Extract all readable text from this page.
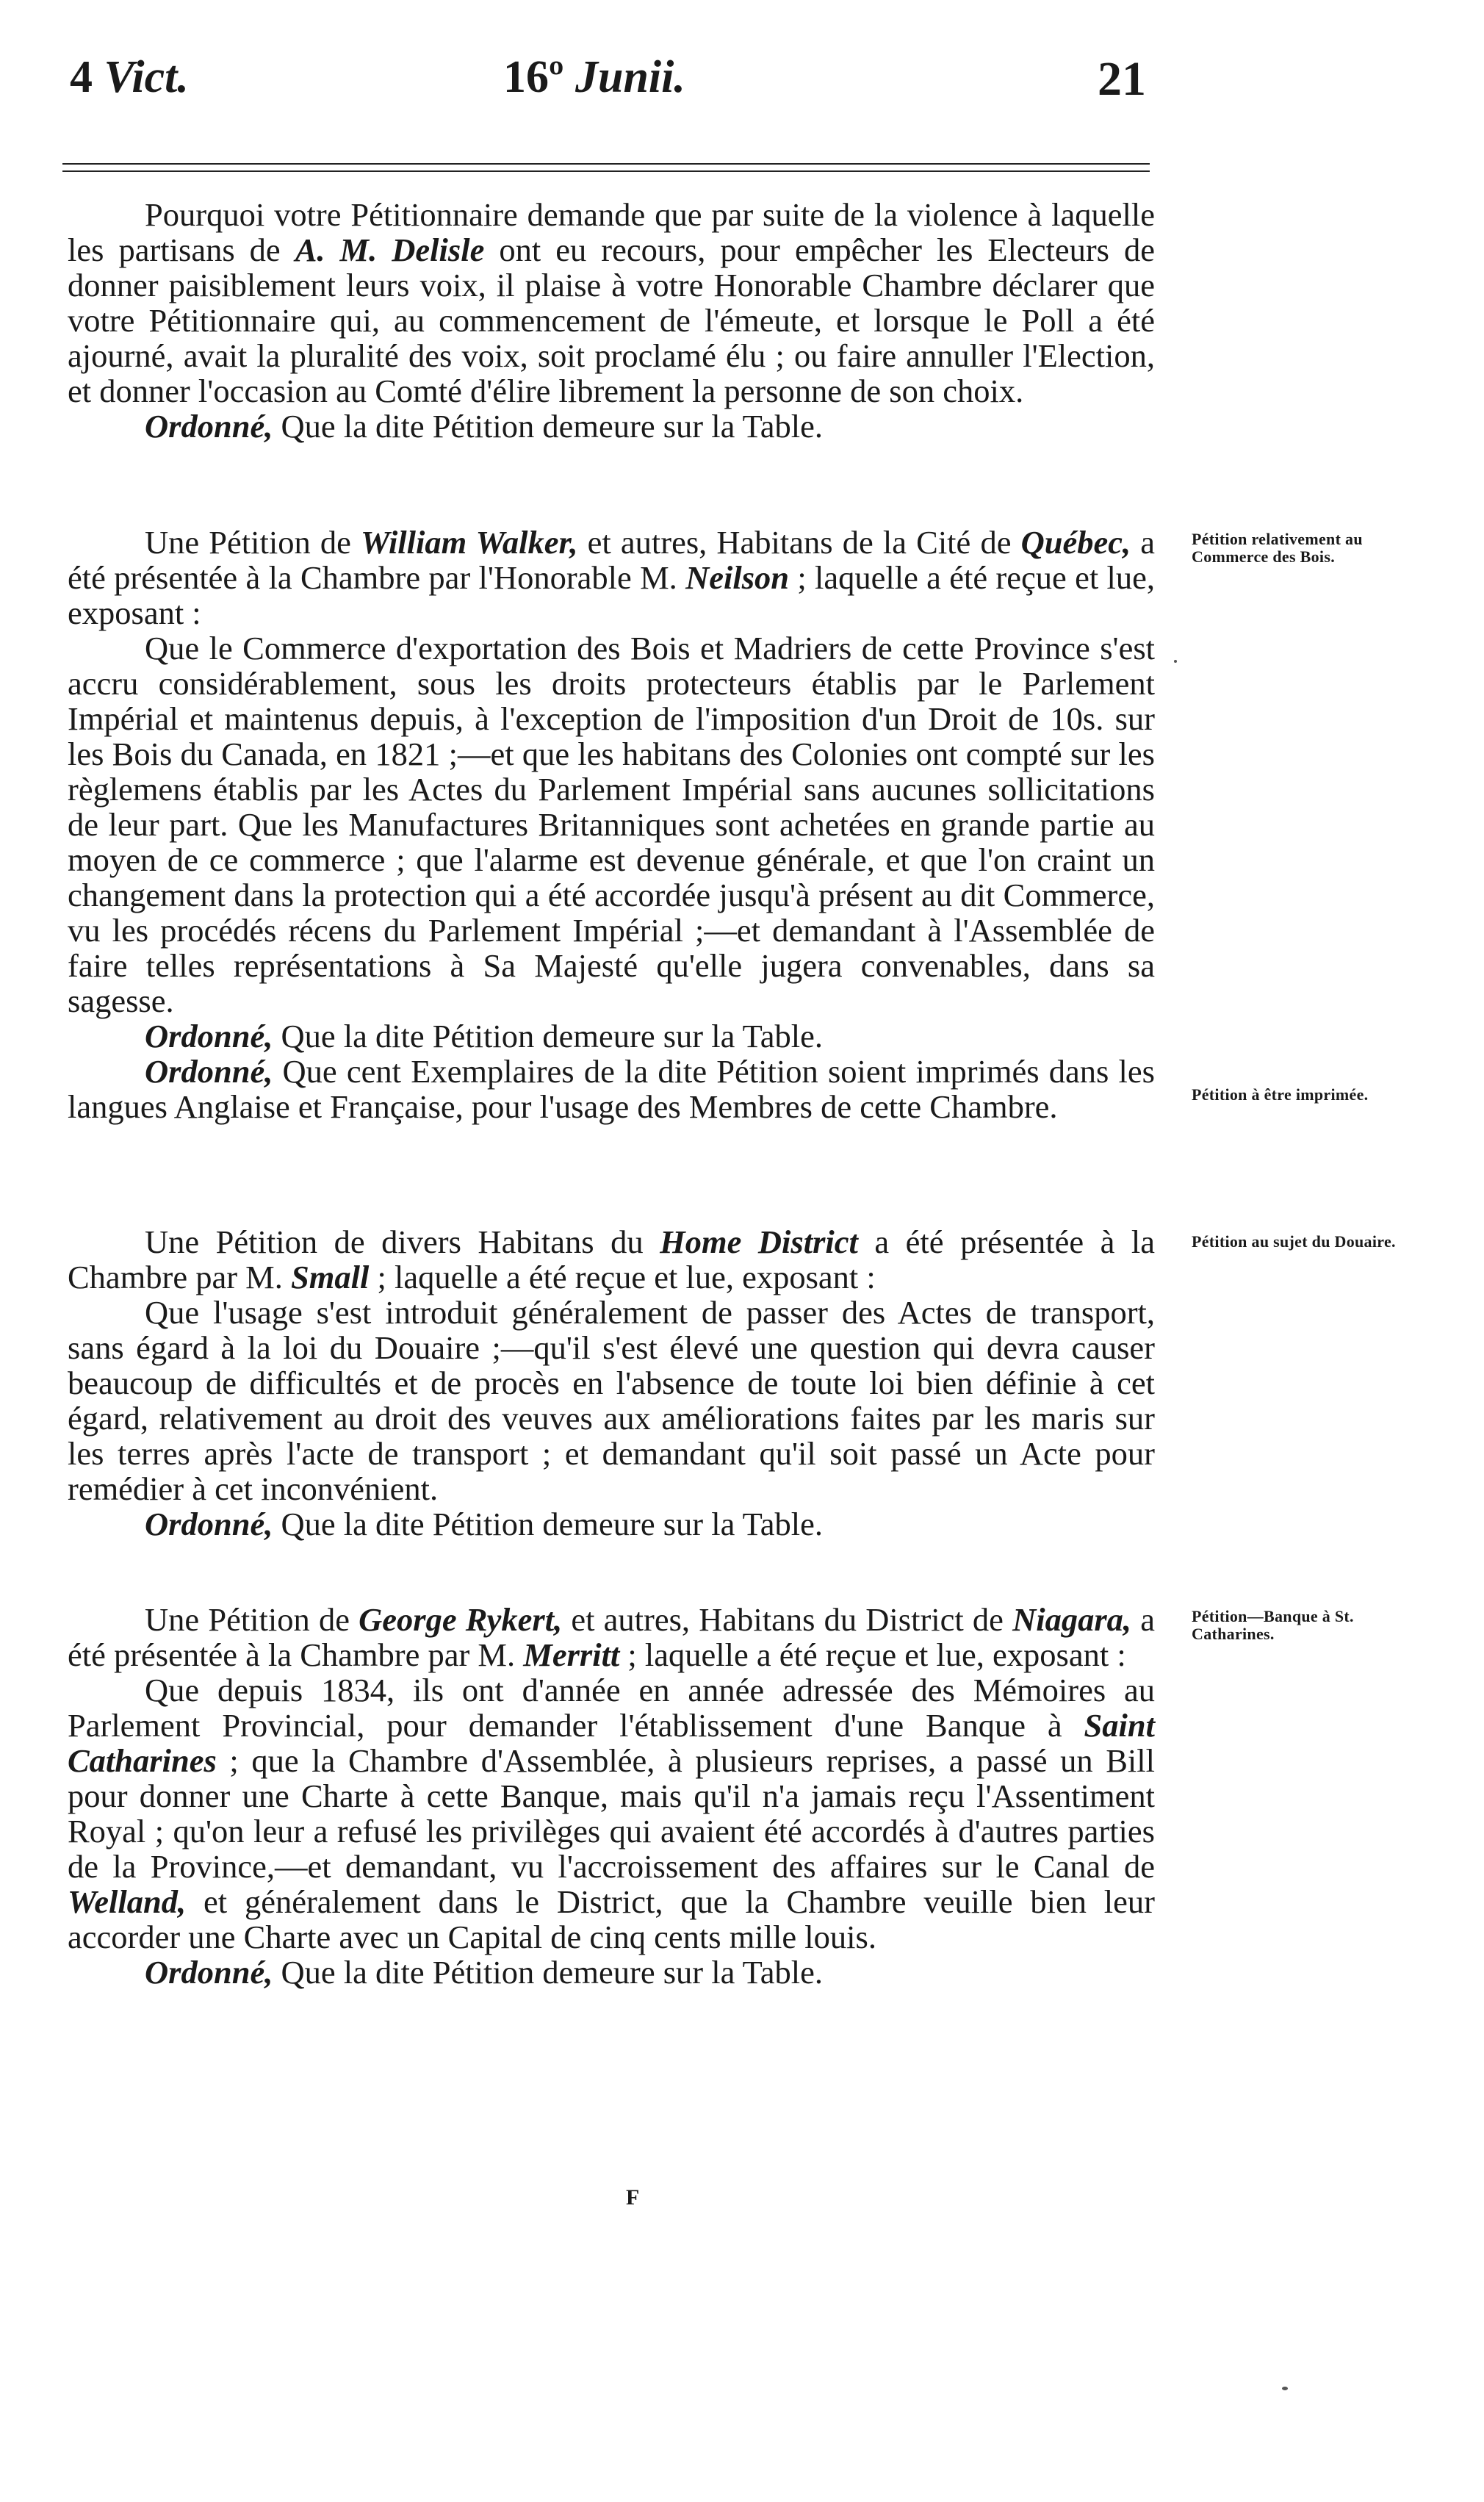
4 Vict.	16º Junii.	21

Pourquoi votre Pétitionnaire demande que par suite de la violence à laquelle les partisans de A. M. Delisle ont eu recours, pour empêcher les Electeurs de donner paisiblement leurs voix, il plaise à votre Honorable Chambre déclarer que votre Pétitionnaire qui, au commencement de l'émeute, et lorsque le Poll a été ajourné, avait la pluralité des voix, soit proclamé élu ; ou faire annuller l'Election, et donner l'occasion au Comté d'élire librement la personne de son choix.

Ordonné, Que la dite Pétition demeure sur la Table.

Une Pétition de William Walker, et autres, Habitans de la Cité de Québec, a été présentée à la Chambre par l'Honorable M. Neilson ; laquelle a été reçue et lue, exposant :

Que le Commerce d'exportation des Bois et Madriers de cette Province s'est accru considérablement, sous les droits protecteurs établis par le Parlement Impérial et maintenus depuis, à l'exception de l'imposition d'un Droit de 10s. sur les Bois du Canada, en 1821 ;—et que les habitans des Colonies ont compté sur les règlemens établis par les Actes du Parlement Impérial sans aucunes sollicitations de leur part. Que les Manufactures Britanniques sont achetées en grande partie au moyen de ce commerce ; que l'alarme est devenue générale, et que l'on craint un changement dans la protection qui a été accordée jusqu'à présent au dit Commerce, vu les procédés récens du Parlement Impérial ;—et demandant à l'Assemblée de faire telles représentations à Sa Majesté qu'elle jugera convenables, dans sa sagesse.

Ordonné, Que la dite Pétition demeure sur la Table.

Ordonné, Que cent Exemplaires de la dite Pétition soient imprimés dans les langues Anglaise et Française, pour l'usage des Membres de cette Chambre.

Une Pétition de divers Habitans du Home District a été présentée à la Chambre par M. Small ; laquelle a été reçue et lue, exposant :

Que l'usage s'est introduit généralement de passer des Actes de transport, sans égard à la loi du Douaire ;—qu'il s'est élevé une question qui devra causer beaucoup de difficultés et de procès en l'absence de toute loi bien définie à cet égard, relativement au droit des veuves aux améliorations faites par les maris sur les terres après l'acte de transport ; et demandant qu'il soit passé un Acte pour remédier à cet inconvénient.

Ordonné, Que la dite Pétition demeure sur la Table.

Une Pétition de George Rykert, et autres, Habitans du District de Niagara, a été présentée à la Chambre par M. Merritt ; laquelle a été reçue et lue, exposant :

Que depuis 1834, ils ont d'année en année adressée des Mémoires au Parlement Provincial, pour demander l'établissement d'une Banque à Saint Catharines ; que la Chambre d'Assemblée, à plusieurs reprises, a passé un Bill pour donner une Charte à cette Banque, mais qu'il n'a jamais reçu l'Assentiment Royal ; qu'on leur a refusé les privilèges qui avaient été accordés à d'autres parties de la Province,—et demandant, vu l'accroissement des affaires sur le Canal de Welland, et généralement dans le District, que la Chambre veuille bien leur accorder une Charte avec un Capital de cinq cents mille louis.

Ordonné, Que la dite Pétition demeure sur la Table.

Pétition relativement au Commerce des Bois.

Pétition à être imprimée.

Pétition au sujet du Douaire.

Pétition—Banque à St. Catharines.

F
